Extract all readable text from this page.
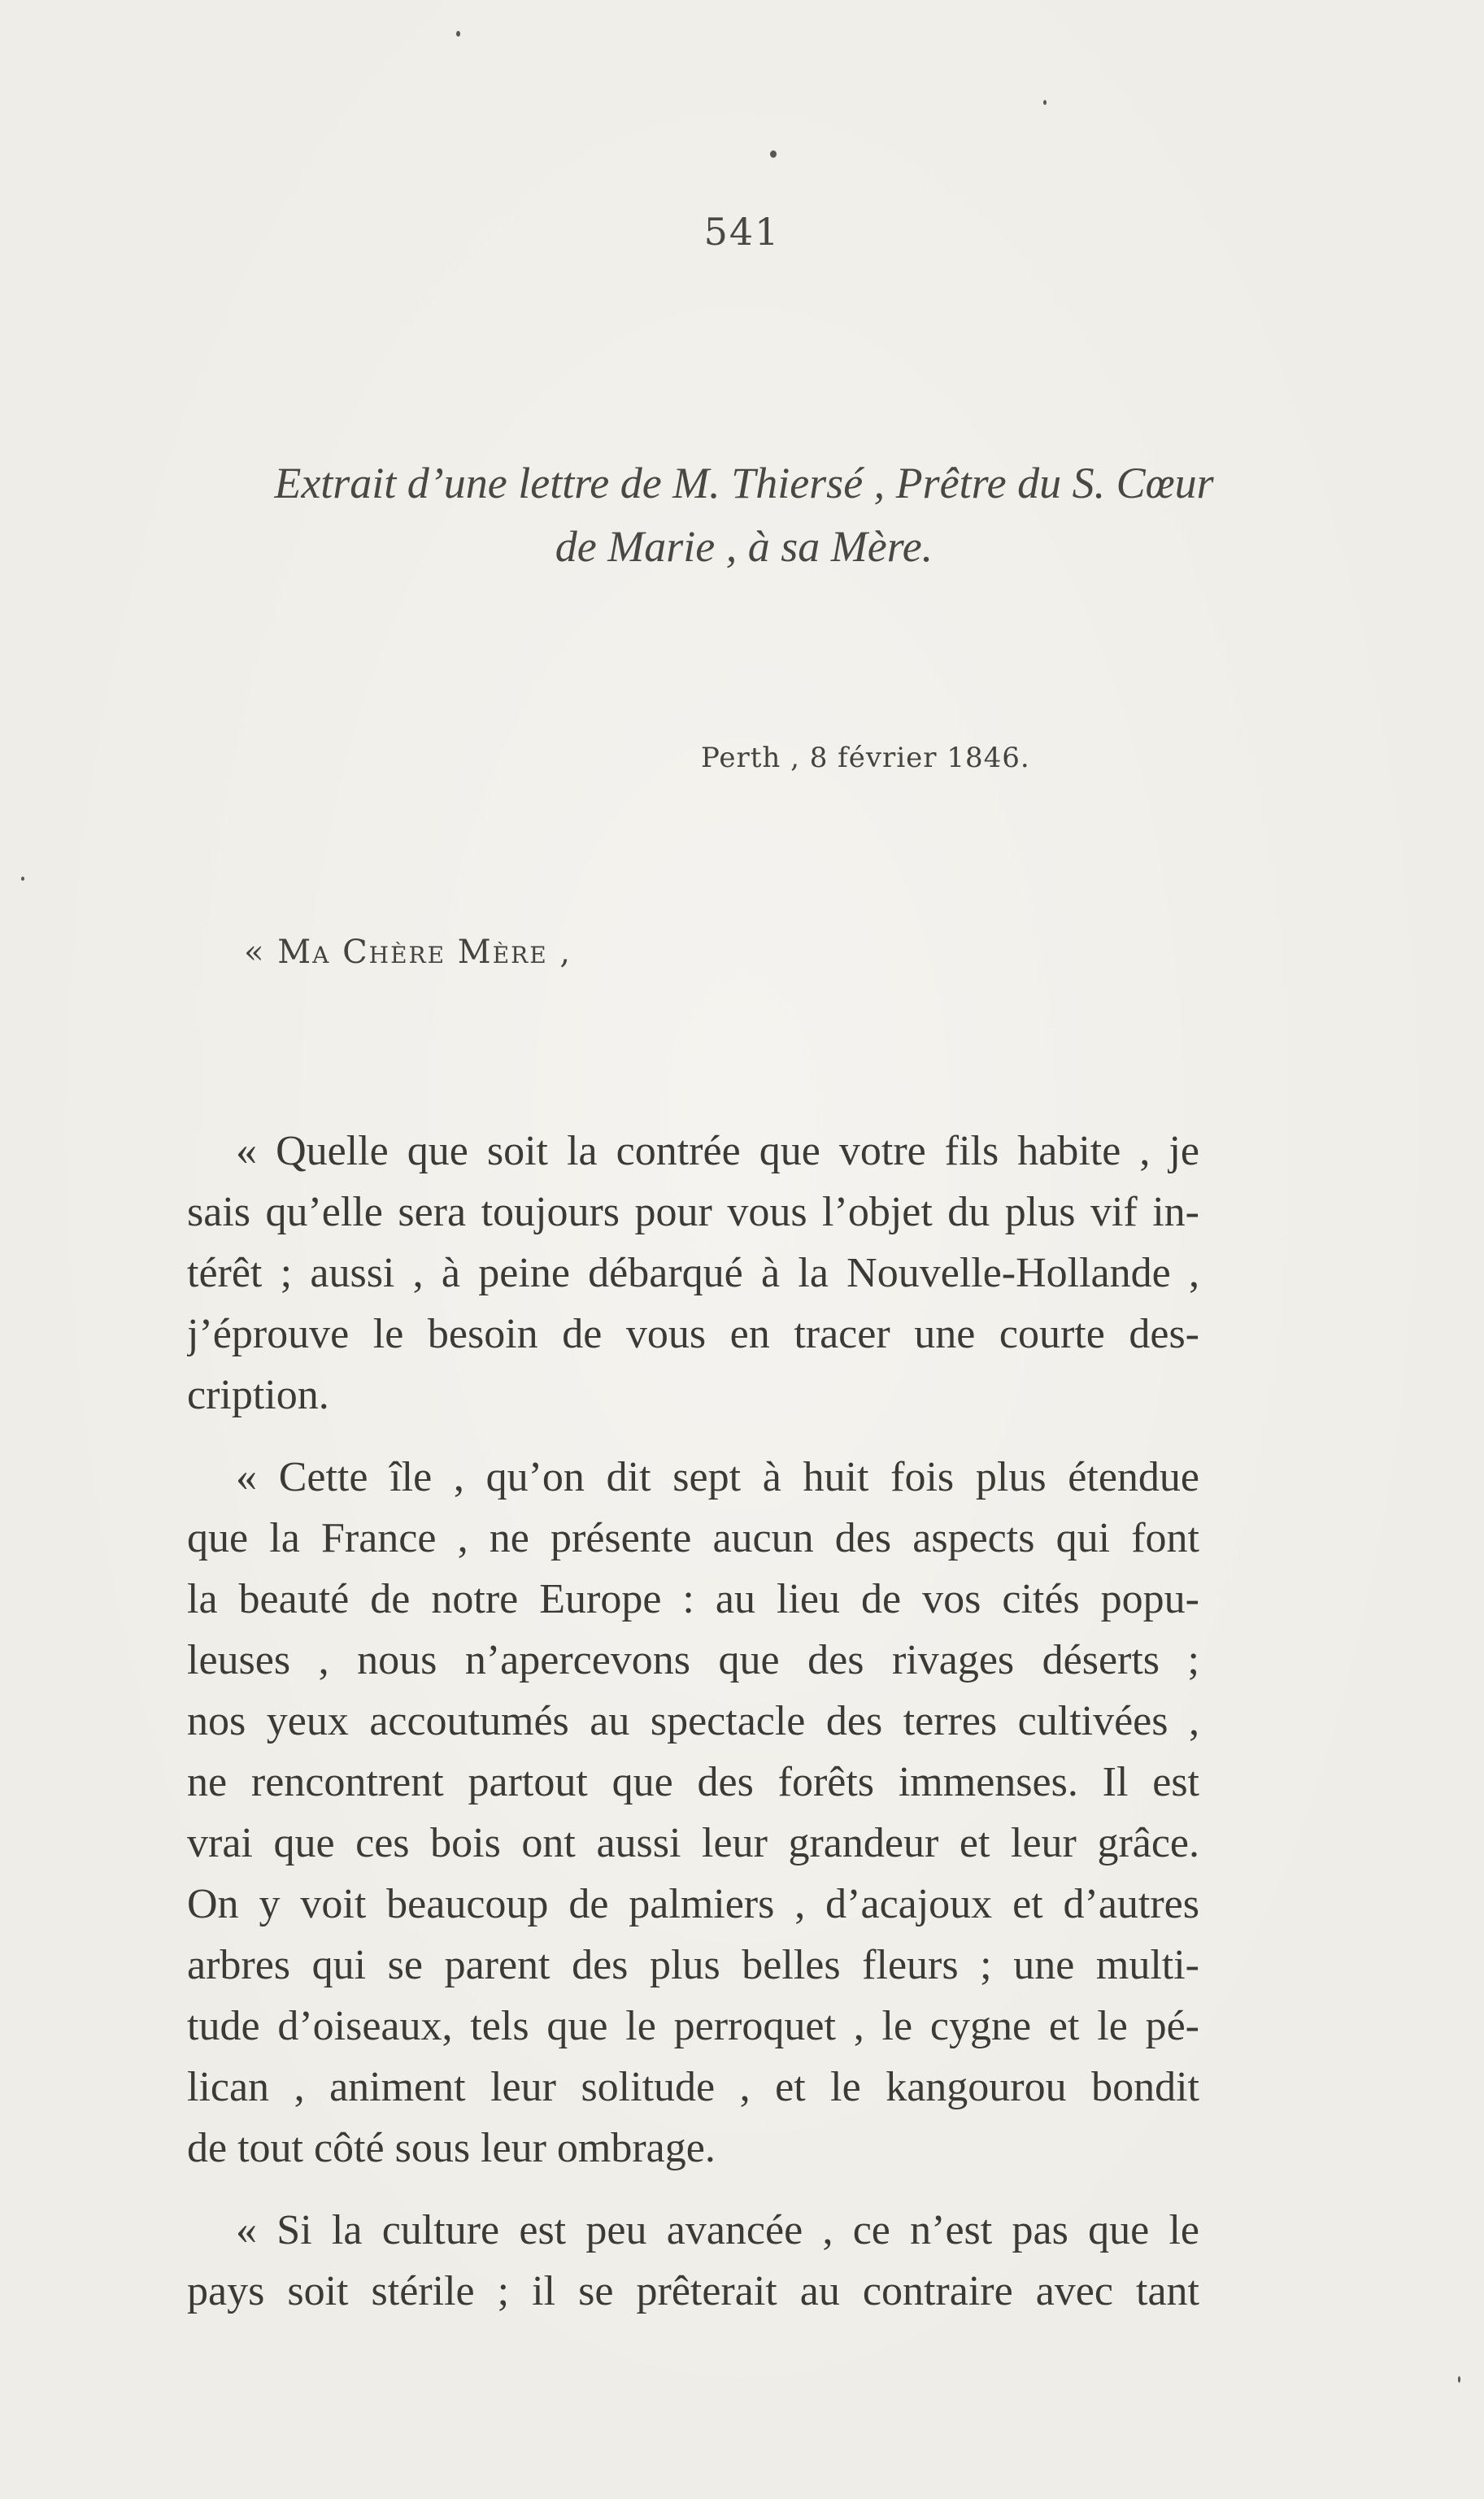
541
Extrait d’une lettre de M. Thiersé , Prêtre du S. Cœur
de Marie , à sa Mère.
Perth , 8 février 1846.
« Ma Chère Mère ,
« Quelle que soit la contrée que votre fils habite , je
sais qu’elle sera toujours pour vous l’objet du plus vif in-
térêt ; aussi , à peine débarqué à la Nouvelle-Hollande ,
j’éprouve le besoin de vous en tracer une courte des-
cription.
« Cette île , qu’on dit sept à huit fois plus étendue
que la France , ne présente aucun des aspects qui font
la beauté de notre Europe : au lieu de vos cités popu-
leuses , nous n’apercevons que des rivages déserts ;
nos yeux accoutumés au spectacle des terres cultivées ,
ne rencontrent partout que des forêts immenses. Il est
vrai que ces bois ont aussi leur grandeur et leur grâce.
On y voit beaucoup de palmiers , d’acajoux et d’autres
arbres qui se parent des plus belles fleurs ; une multi-
tude d’oiseaux, tels que le perroquet , le cygne et le pé-
lican , animent leur solitude , et le kangourou bondit
de tout côté sous leur ombrage.
« Si la culture est peu avancée , ce n’est pas que le
pays soit stérile ; il se prêterait au contraire avec tant
